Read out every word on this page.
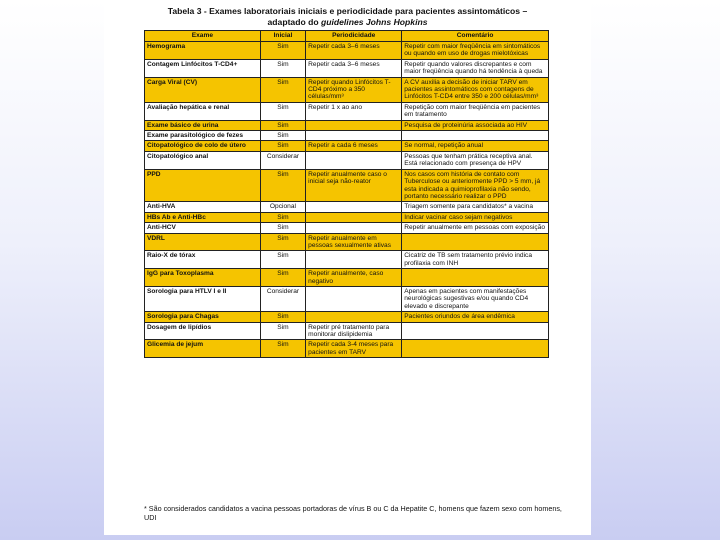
Tabela 3 - Exames laboratoriais iniciais e periodicidade para pacientes assintomáticos –
adaptado do guidelines Johns Hopkins
Exame	Inicial	Periodicidade	Comentário
Hemograma	Sim	Repetir cada 3–6 meses	Repetir com maior freqüência em sintomáticos ou quando em uso de drogas mielotóxicas
Contagem Linfócitos T-CD4+	Sim	Repetir cada 3–6 meses	Repetir quando valores discrepantes e com maior freqüência quando há tendência à queda
Carga Viral (CV)	Sim	Repetir quando Linfócitos T-CD4 próximo a 350 células/mm³	A CV auxilia a decisão de iniciar TARV em pacientes assintomáticos com contagens de Linfócitos T-CD4 entre 350 e 200 células/mm³
Avaliação hepática e renal	Sim	Repetir 1 x ao ano	Repetição com maior freqüência em pacientes em tratamento
Exame básico de urina	Sim		Pesquisa de proteinúria associada ao HIV
Exame parasitológico de fezes	Sim		
Citopatológico de colo de útero	Sim	Repetir a cada 6 meses	Se normal, repetição anual
Citopatológico anal	Considerar		Pessoas que tenham prática receptiva anal. Está relacionado com presença de HPV
PPD	Sim	Repetir anualmente caso o inicial seja não-reator	Nos casos com história de contato com Tuberculose ou anteriormente PPD > 5 mm, já esta indicada a quimioprofilaxia não sendo, portanto necessário realizar o PPD
Anti-HVA	Opcional		Triagem somente para candidatos* a vacina
HBs Ab e Anti-HBc	Sim		Indicar vacinar caso sejam negativos
Anti-HCV	Sim		Repetir anualmente em pessoas com exposição
VDRL	Sim	Repetir anualmente em pessoas sexualmente ativas	
Raio-X de tórax	Sim		Cicatriz de TB sem tratamento prévio indica profilaxia com INH
IgG para Toxoplasma	Sim	Repetir anualmente, caso negativo	
Sorologia para HTLV I e II	Considerar		Apenas em pacientes com manifestações neurológicas sugestivas e/ou quando CD4 elevado e discrepante
Sorologia para Chagas	Sim		Pacientes oriundos de área endêmica
Dosagem de lipídios	Sim	Repetir pré tratamento para monitorar dislipidemia	
Glicemia de jejum	Sim	Repetir cada 3-4 meses para pacientes em TARV	
* São considerados candidatos a vacina pessoas portadoras de vírus B ou C da Hepatite C, homens que fazem sexo com homens, UDI
